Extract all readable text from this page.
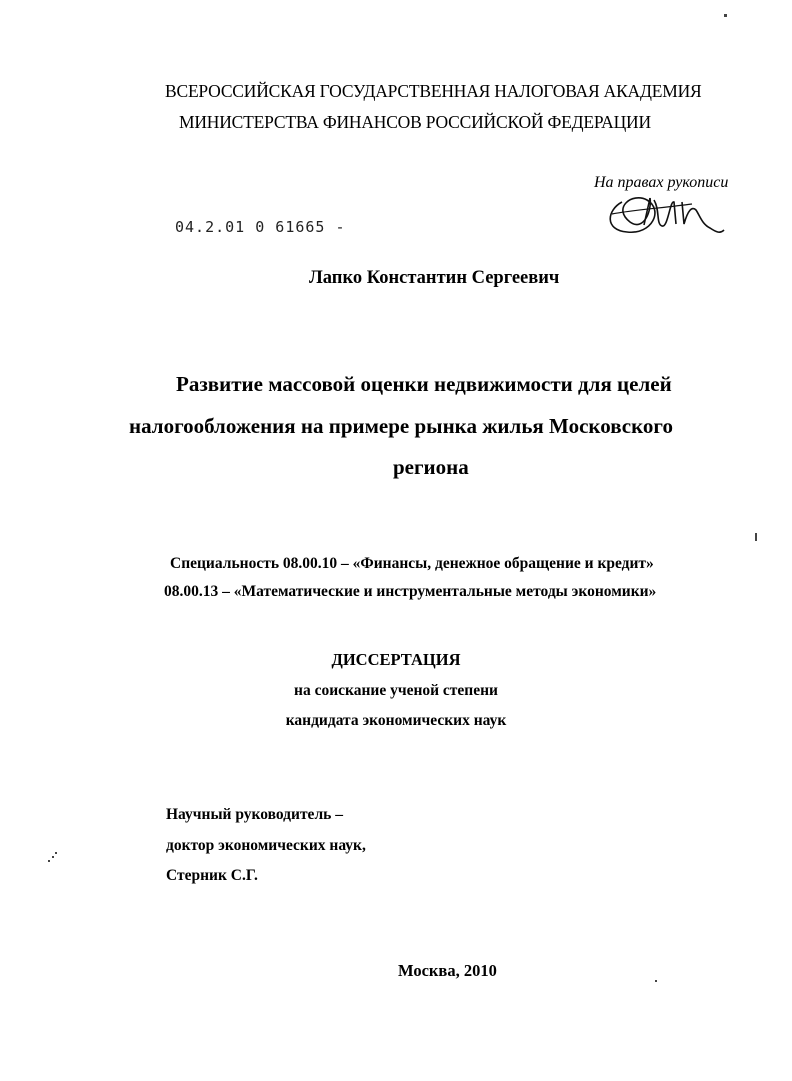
ВСЕРОССИЙСКАЯ ГОСУДАРСТВЕННАЯ НАЛОГОВАЯ АКАДЕМИЯ
МИНИСТЕРСТВА ФИНАНСОВ РОССИЙСКОЙ ФЕДЕРАЦИИ
На правах рукописи
04.2.01 0 61665 -
Лапко Константин Сергеевич
Развитие массовой оценки недвижимости для целей
налогообложения на примере рынка жилья Московского
региона
Специальность 08.00.10 – «Финансы, денежное обращение и кредит»
08.00.13 – «Математические и инструментальные методы экономики»
ДИССЕРТАЦИЯ
на соискание ученой степени
кандидата экономических наук
Научный руководитель –
доктор экономических наук,
Стерник С.Г.
Москва, 2010
